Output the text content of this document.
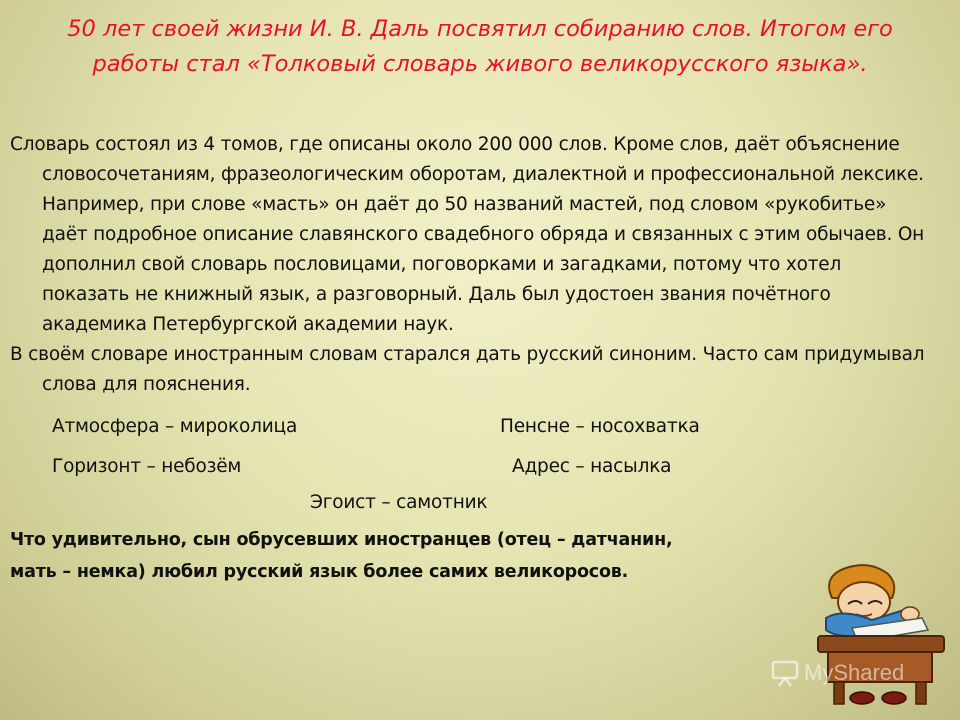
50 лет своей жизни И. В. Даль посвятил собиранию слов. Итогом его работы стал «Толковый словарь живого великорусского языка».

Словарь состоял из 4 томов, где описаны около 200 000 слов. Кроме слов, даёт объяснение словосочетаниям, фразеологическим оборотам, диалектной и профессиональной лексике. Например, при слове «масть» он даёт до 50 названий мастей, под словом «рукобитье» даёт подробное описание славянского свадебного обряда и связанных с этим обычаев. Он дополнил свой словарь пословицами, поговорками и загадками, потому что хотел показать не книжный язык, а разговорный. Даль был удостоен звания почётного академика Петербургской академии наук.

В своём словаре иностранным словам старался дать русский синоним. Часто сам придумывал слова для пояснения.

Атмосфера – мироколица	Пенсне – носохватка
Горизонт – небозём	Адрес – насылка
Эгоист – самотник
Что удивительно, сын обрусевших иностранцев (отец – датчанин,
мать – немка) любил русский язык более самих великоросов.
MyShared
